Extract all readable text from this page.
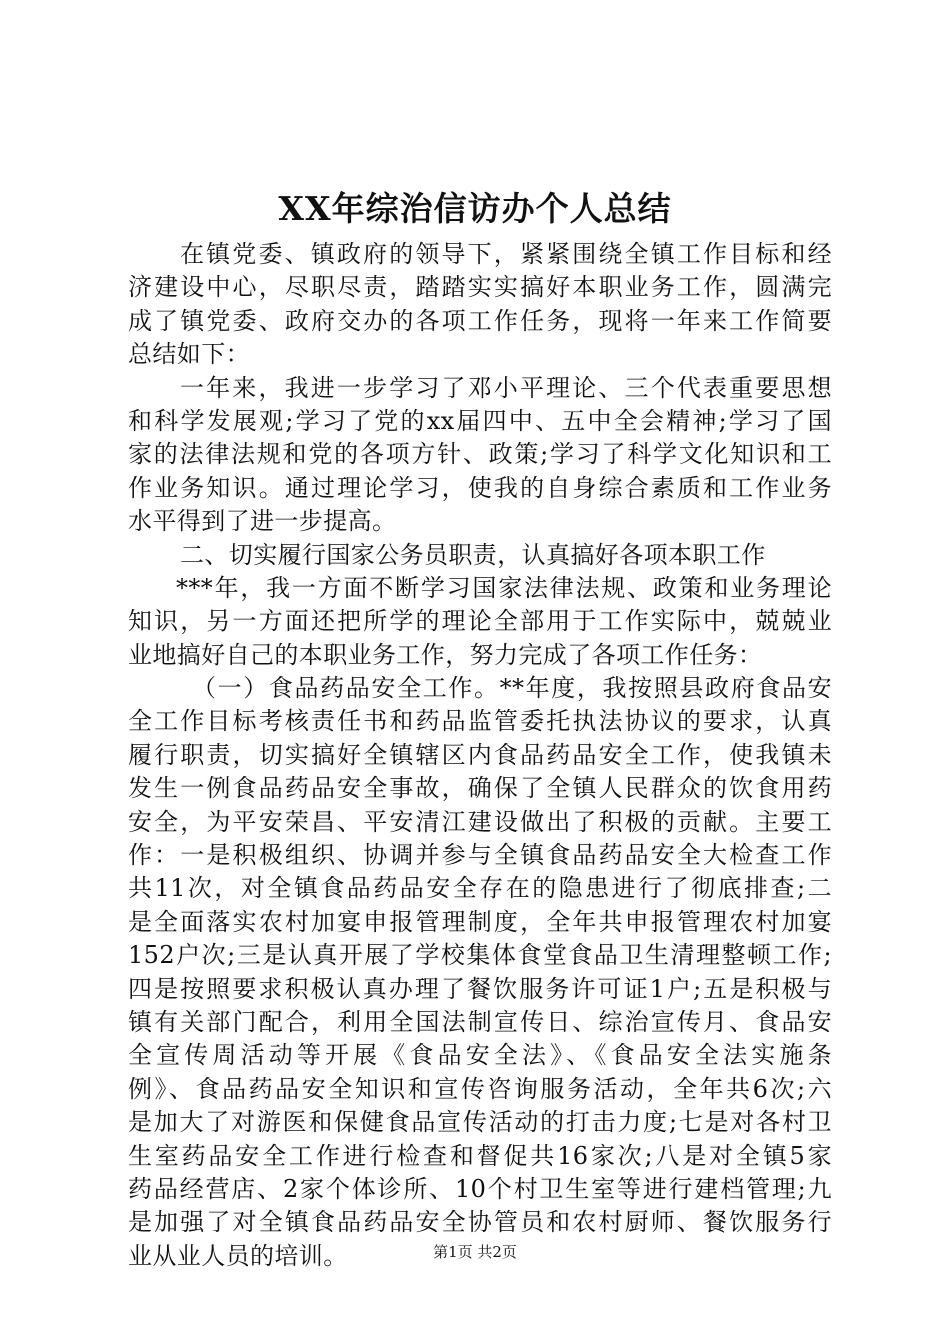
XX年综治信访办个人总结
在镇党委、镇政府的领导下，紧紧围绕全镇工作目标和经
济建设中心，尽职尽责，踏踏实实搞好本职业务工作，圆满完
成了镇党委、政府交办的各项工作任务，现将一年来工作简要
总结如下：
一年来，我进一步学习了邓小平理论、三个代表重要思想
和科学发展观;学习了党的xx届四中、五中全会精神;学习了国
家的法律法规和党的各项方针、政策;学习了科学文化知识和工
作业务知识。通过理论学习，使我的自身综合素质和工作业务
水平得到了进一步提高。
二、切实履行国家公务员职责，认真搞好各项本职工作
***年，我一方面不断学习国家法律法规、政策和业务理论
知识，另一方面还把所学的理论全部用于工作实际中，兢兢业
业地搞好自己的本职业务工作，努力完成了各项工作任务：
（一）食品药品安全工作。**年度，我按照县政府食品安
全工作目标考核责任书和药品监管委托执法协议的要求，认真
履行职责，切实搞好全镇辖区内食品药品安全工作，使我镇未
发生一例食品药品安全事故，确保了全镇人民群众的饮食用药
安全，为平安荣昌、平安清江建设做出了积极的贡献。主要工
作：一是积极组织、协调并参与全镇食品药品安全大检查工作
共11次，对全镇食品药品安全存在的隐患进行了彻底排查;二
是全面落实农村加宴申报管理制度，全年共申报管理农村加宴
152户次;三是认真开展了学校集体食堂食品卫生清理整顿工作;
四是按照要求积极认真办理了餐饮服务许可证1户;五是积极与
镇有关部门配合，利用全国法制宣传日、综治宣传月、食品安
全宣传周活动等开展《食品安全法》、《食品安全法实施条
例》、食品药品安全知识和宣传咨询服务活动，全年共6次;六
是加大了对游医和保健食品宣传活动的打击力度;七是对各村卫
生室药品安全工作进行检查和督促共16家次;八是对全镇5家
药品经营店、2家个体诊所、10个村卫生室等进行建档管理;九
是加强了对全镇食品药品安全协管员和农村厨师、餐饮服务行
业从业人员的培训。	第1页 共2页
